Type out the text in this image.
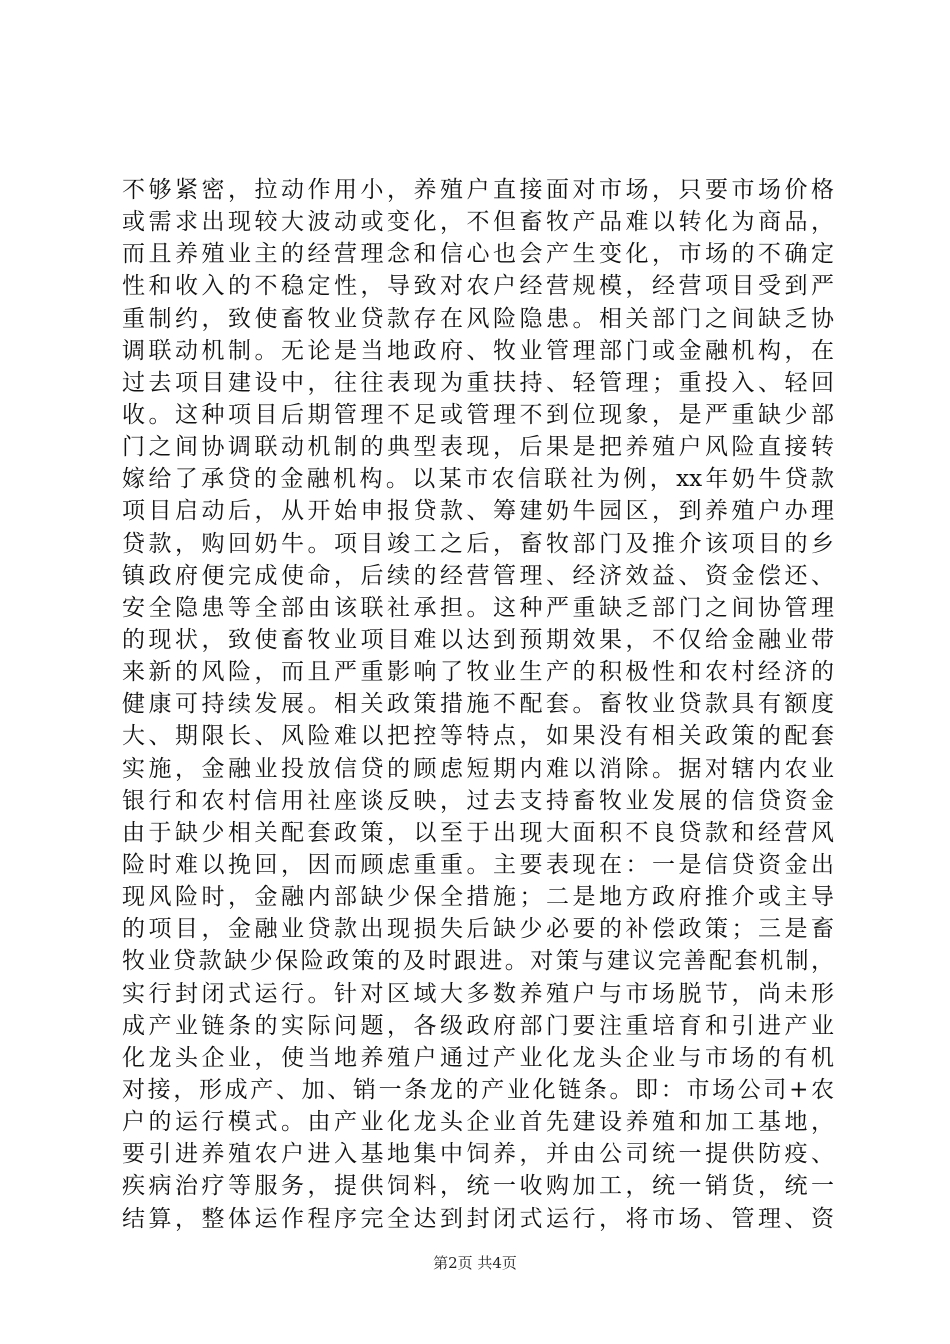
不够紧密，拉动作用小，养殖户直接面对市场，只要市场价格
或需求出现较大波动或变化，不但畜牧产品难以转化为商品，
而且养殖业主的经营理念和信心也会产生变化，市场的不确定
性和收入的不稳定性，导致对农户经营规模，经营项目受到严
重制约，致使畜牧业贷款存在风险隐患。相关部门之间缺乏协
调联动机制。无论是当地政府、牧业管理部门或金融机构，在
过去项目建设中，往往表现为重扶持、轻管理；重投入、轻回
收。这种项目后期管理不足或管理不到位现象，是严重缺少部
门之间协调联动机制的典型表现，后果是把养殖户风险直接转
嫁给了承贷的金融机构。以某市农信联社为例，xx年奶牛贷款
项目启动后，从开始申报贷款、筹建奶牛园区，到养殖户办理
贷款，购回奶牛。项目竣工之后，畜牧部门及推介该项目的乡
镇政府便完成使命，后续的经营管理、经济效益、资金偿还、
安全隐患等全部由该联社承担。这种严重缺乏部门之间协管理
的现状，致使畜牧业项目难以达到预期效果，不仅给金融业带
来新的风险，而且严重影响了牧业生产的积极性和农村经济的
健康可持续发展。相关政策措施不配套。畜牧业贷款具有额度
大、期限长、风险难以把控等特点，如果没有相关政策的配套
实施，金融业投放信贷的顾虑短期内难以消除。据对辖内农业
银行和农村信用社座谈反映，过去支持畜牧业发展的信贷资金
由于缺少相关配套政策，以至于出现大面积不良贷款和经营风
险时难以挽回，因而顾虑重重。主要表现在：一是信贷资金出
现风险时，金融内部缺少保全措施；二是地方政府推介或主导
的项目，金融业贷款出现损失后缺少必要的补偿政策；三是畜
牧业贷款缺少保险政策的及时跟进。对策与建议完善配套机制，
实行封闭式运行。针对区域大多数养殖户与市场脱节，尚未形
成产业链条的实际问题，各级政府部门要注重培育和引进产业
化龙头企业，使当地养殖户通过产业化龙头企业与市场的有机
对接，形成产、加、销一条龙的产业化链条。即：市场公司+农
户的运行模式。由产业化龙头企业首先建设养殖和加工基地，
要引进养殖农户进入基地集中饲养，并由公司统一提供防疫、
疾病治疗等服务，提供饲料，统一收购加工，统一销货，统一
结算，整体运作程序完全达到封闭式运行，将市场、管理、资
第2页 共4页
